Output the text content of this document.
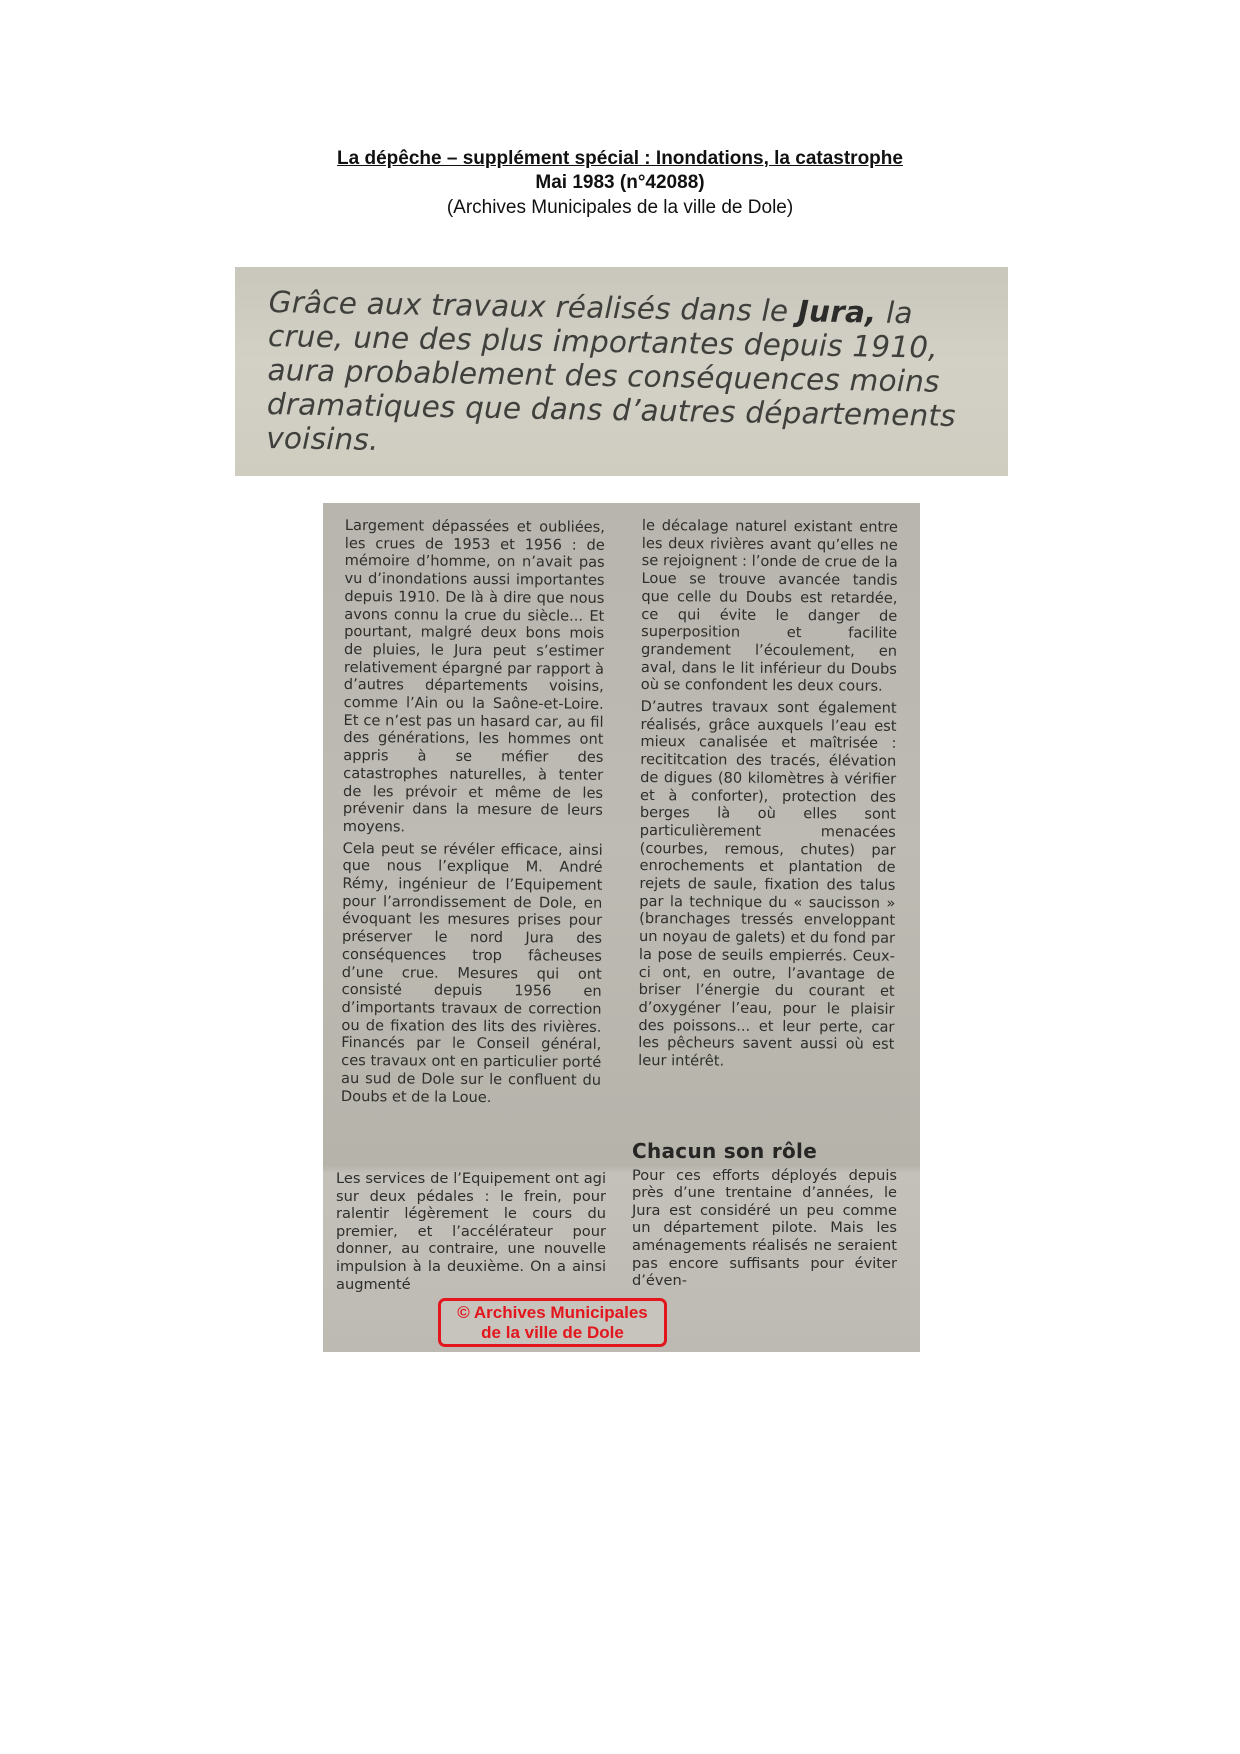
La dépêche – supplément spécial : Inondations, la catastrophe
Mai 1983 (n°42088)
(Archives Municipales de la ville de Dole)

Grâce aux travaux réalisés dans le Jura, la crue, une des plus importantes depuis 1910, aura probablement des conséquences moins dramatiques que dans d’autres départements voisins.

Largement dépassées et oubliées, les crues de 1953 et 1956 : de mémoire d’homme, on n’avait pas vu d’inondations aussi importantes depuis 1910. De là à dire que nous avons connu la crue du siècle... Et pourtant, malgré deux bons mois de pluies, le Jura peut s’estimer relativement épargné par rapport à d’autres départements voisins, comme l’Ain ou la Saône-et-Loire. Et ce n’est pas un hasard car, au fil des générations, les hommes ont appris à se méfier des catastrophes naturelles, à tenter de les prévoir et même de les prévenir dans la mesure de leurs moyens.

Cela peut se révéler efficace, ainsi que nous l’explique M. André Rémy, ingénieur de l’Equipement pour l’arrondissement de Dole, en évoquant les mesures prises pour préserver le nord Jura des conséquences trop fâcheuses d’une crue. Mesures qui ont consisté depuis 1956 en d’importants travaux de correction ou de fixation des lits des rivières. Financés par le Conseil général, ces travaux ont en particulier porté au sud de Dole sur le confluent du Doubs et de la Loue.

Les services de l’Equipement ont agi sur deux pédales : le frein, pour ralentir légèrement le cours du premier, et l’accélérateur pour donner, au contraire, une nouvelle impulsion à la deuxième. On a ainsi augmenté

le décalage naturel existant entre les deux rivières avant qu’elles ne se rejoignent : l’onde de crue de la Loue se trouve avancée tandis que celle du Doubs est retardée, ce qui évite le danger de superposition et facilite grandement l’écoulement, en aval, dans le lit inférieur du Doubs où se confondent les deux cours.

D’autres travaux sont également réalisés, grâce auxquels l’eau est mieux canalisée et maîtrisée : recititcation des tracés, élévation de digues (80 kilomètres à vérifier et à conforter), protection des berges là où elles sont particulièrement menacées (courbes, remous, chutes) par enrochements et plantation de rejets de saule, fixation des talus par la technique du « saucisson » (branchages tressés enveloppant un noyau de galets) et du fond par la pose de seuils empierrés. Ceux-ci ont, en outre, l’avantage de briser l’énergie du courant et d’oxygéner l’eau, pour le plaisir des poissons... et leur perte, car les pêcheurs savent aussi où est leur intérêt.

Chacun son rôle

Pour ces efforts déployés depuis près d’une trentaine d’années, le Jura est considéré un peu comme un département pilote. Mais les aménagements réalisés ne seraient pas encore suffisants pour éviter d’éven-

© Archives Municipales
de la ville de Dole
